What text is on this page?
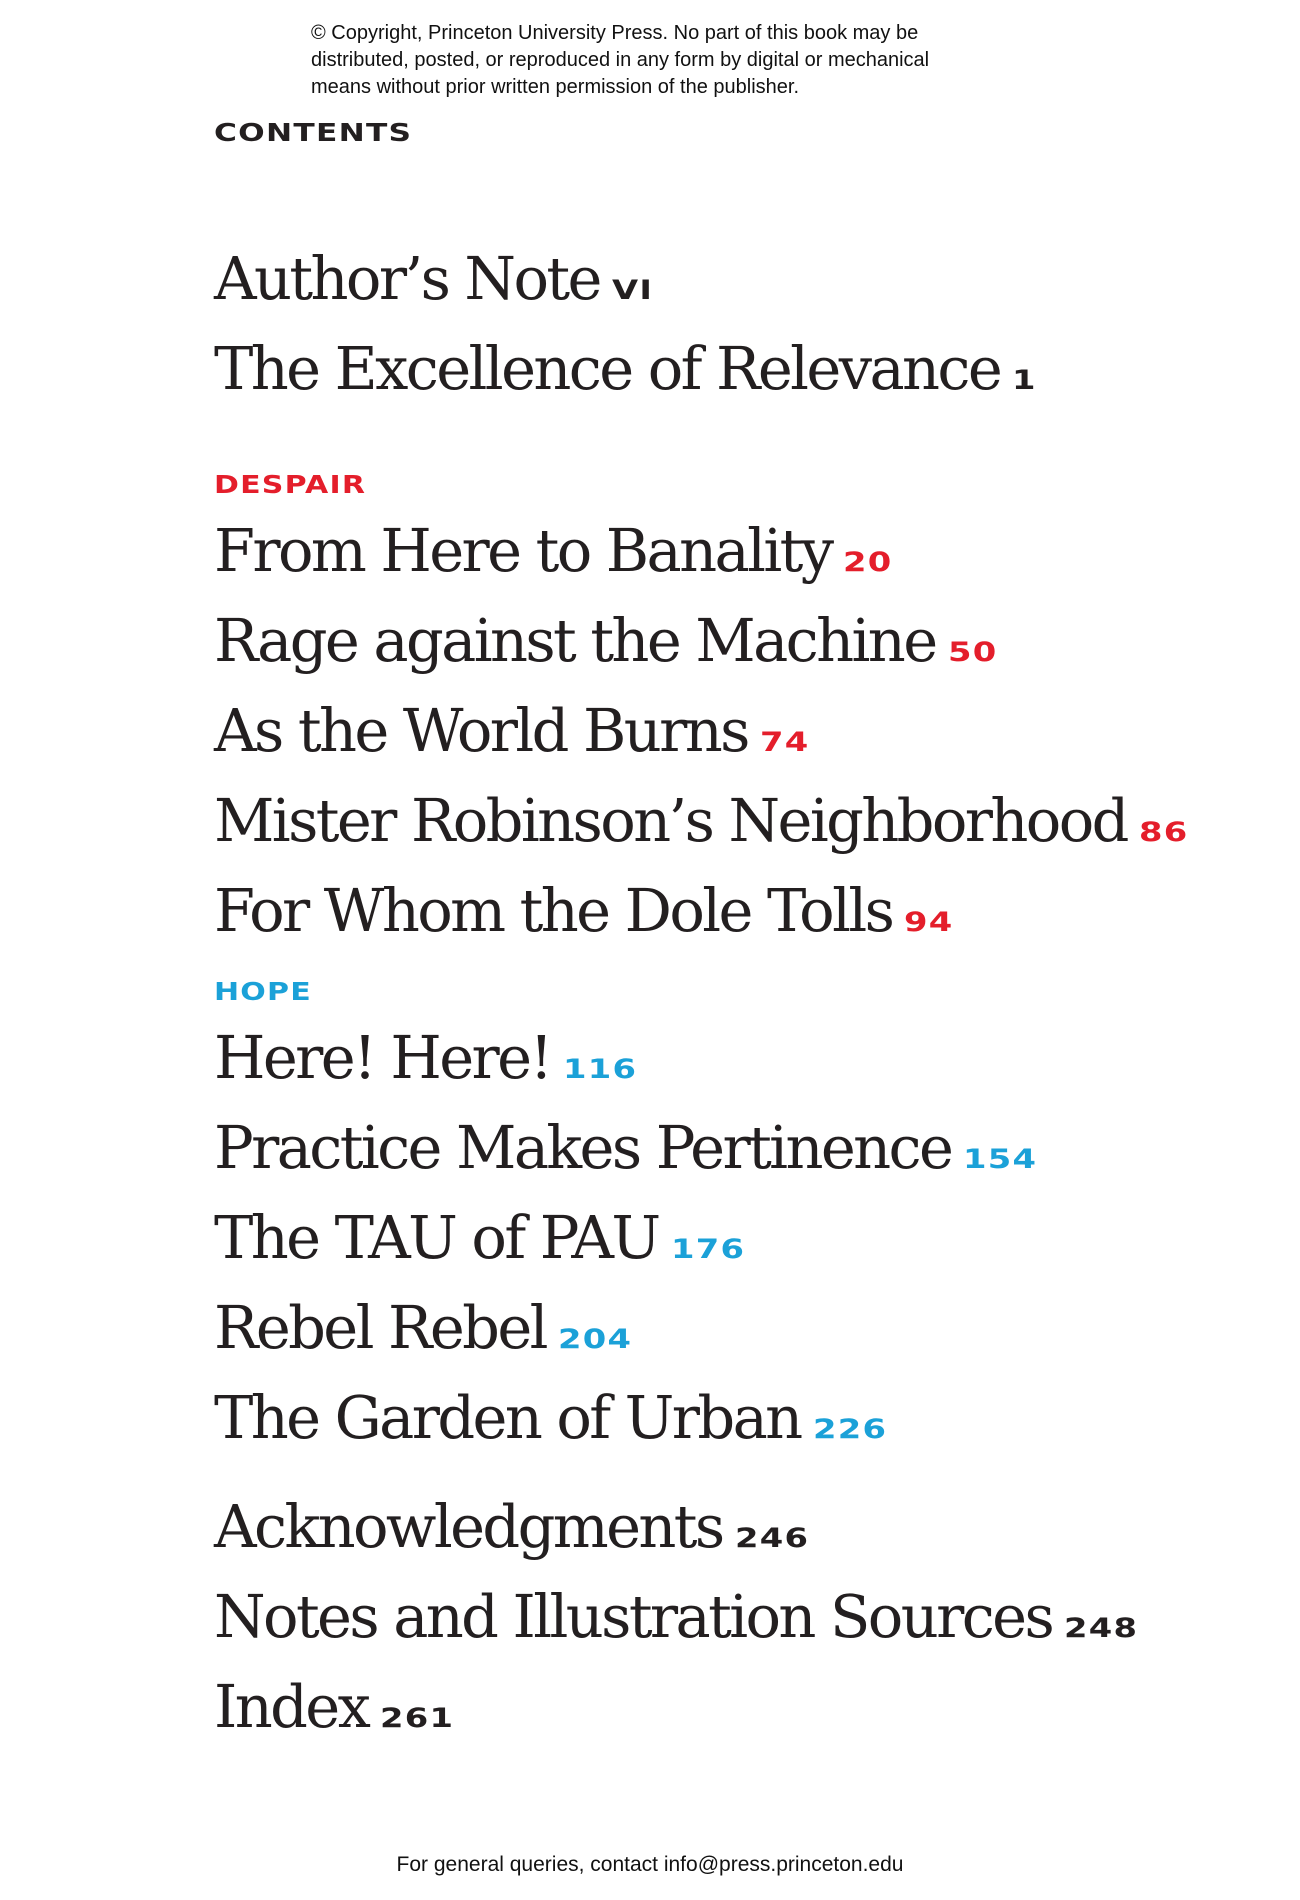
© Copyright, Princeton University Press. No part of this book may be
distributed, posted, or reproduced in any form by digital or mechanical
means without prior written permission of the publisher.
CONTENTS
Author’s Note VI
The Excellence of Relevance 1
DESPAIR
From Here to Banality 20
Rage against the Machine 50
As the World Burns 74
Mister Robinson’s Neighborhood 86
For Whom the Dole Tolls 94
HOPE
Here! Here! 116
Practice Makes Pertinence 154
The TAU of PAU 176
Rebel Rebel 204
The Garden of Urban 226
Acknowledgments 246
Notes and Illustration Sources 248
Index 261
For general queries, contact info@press.princeton.edu
